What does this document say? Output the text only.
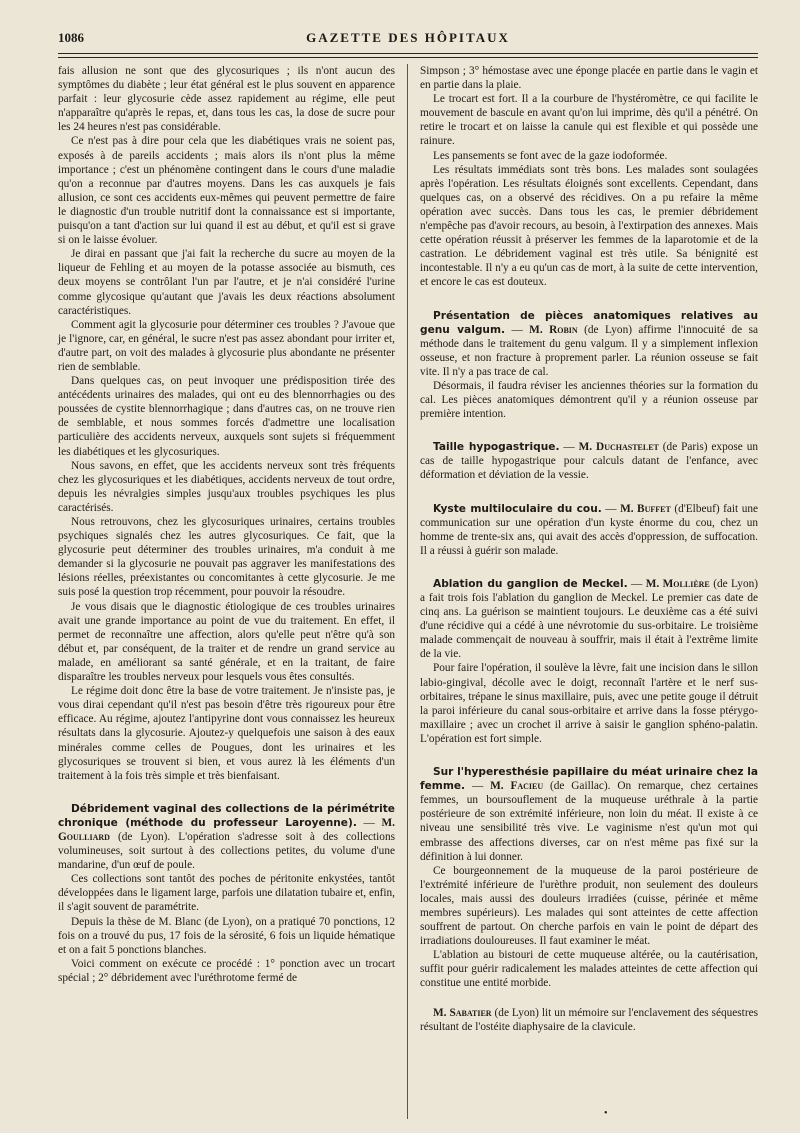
1086	GAZETTE DES HÔPITAUX

fais allusion ne sont que des glycosuriques ; ils n'ont aucun des symptômes du diabète ; leur état général est le plus souvent en apparence parfait : leur glycosurie cède assez rapidement au régime, elle peut n'apparaître qu'après le repas, et, dans tous les cas, la dose de sucre pour les 24 heures n'est pas considérable.

Ce n'est pas à dire pour cela que les diabétiques vrais ne soient pas, exposés à de pareils accidents ; mais alors ils n'ont plus la même importance ; c'est un phénomène contingent dans le cours d'une maladie qu'on a reconnue par d'autres moyens. Dans les cas auxquels je fais allusion, ce sont ces accidents eux-mêmes qui peuvent permettre de faire le diagnostic d'un trouble nutritif dont la connaissance est si importante, puisqu'on a tant d'action sur lui quand il est au début, et qu'il est si grave si on le laisse évoluer.

Je dirai en passant que j'ai fait la recherche du sucre au moyen de la liqueur de Fehling et au moyen de la potasse associée au bismuth, ces deux moyens se contrôlant l'un par l'autre, et je n'ai considéré l'urine comme glycosique qu'autant que j'avais les deux réactions absolument caractéristiques.

Comment agit la glycosurie pour déterminer ces troubles ? J'avoue que je l'ignore, car, en général, le sucre n'est pas assez abondant pour irriter et, d'autre part, on voit des malades à glycosurie plus abondante ne présenter rien de semblable.

Dans quelques cas, on peut invoquer une prédisposition tirée des antécédents urinaires des malades, qui ont eu des blennorrhagies ou des poussées de cystite blennorrhagique ; dans d'autres cas, on ne trouve rien de semblable, et nous sommes forcés d'admettre une localisation particulière des accidents nerveux, auxquels sont sujets si fréquemment les diabétiques et les glycosuriques.

Nous savons, en effet, que les accidents nerveux sont très fréquents chez les glycosuriques et les diabétiques, accidents nerveux de tout ordre, depuis les névralgies simples jusqu'aux troubles psychiques les plus caractérisés.

Nous retrouvons, chez les glycosuriques urinaires, certains troubles psychiques signalés chez les autres glycosuriques. Ce fait, que la glycosurie peut déterminer des troubles urinaires, m'a conduit à me demander si la glycosurie ne pouvait pas aggraver les manifestations des lésions réelles, préexistantes ou concomitantes à cette glycosurie. Je me suis posé la question trop récemment, pour pouvoir la résoudre.

Je vous disais que le diagnostic étiologique de ces troubles urinaires avait une grande importance au point de vue du traitement. En effet, il permet de reconnaître une affection, alors qu'elle peut n'être qu'à son début et, par conséquent, de la traiter et de rendre un grand service au malade, en améliorant sa santé générale, et en la traitant, de faire disparaître les troubles nerveux pour lesquels vous êtes consultés.

Le régime doit donc être la base de votre traitement. Je n'insiste pas, je vous dirai cependant qu'il n'est pas besoin d'être très rigoureux pour être efficace. Au régime, ajoutez l'antipyrine dont vous connaissez les heureux résultats dans la glycosurie. Ajoutez-y quelquefois une saison à des eaux minérales comme celles de Pougues, dont les urinaires et les glycosuriques se trouvent si bien, et vous aurez là les éléments d'un traitement à la fois très simple et très bienfaisant.

Débridement vaginal des collections de la périmétrite chronique (méthode du professeur Laroyenne). — M. Goulliard (de Lyon). L'opération s'adresse soit à des collections volumineuses, soit surtout à des collections petites, du volume d'une mandarine, d'un œuf de poule.

Ces collections sont tantôt des poches de péritonite enkystées, tantôt développées dans le ligament large, parfois une dilatation tubaire et, enfin, il s'agit souvent de paramétrite.

Depuis la thèse de M. Blanc (de Lyon), on a pratiqué 70 ponctions, 12 fois on a trouvé du pus, 17 fois de la sérosité, 6 fois un liquide hématique et on a fait 5 ponctions blanches.

Voici comment on exécute ce procédé : 1° ponction avec un trocart spécial ; 2° débridement avec l'uréthrotome fermé de

Simpson ; 3° hémostase avec une éponge placée en partie dans le vagin et en partie dans la plaie.

Le trocart est fort. Il a la courbure de l'hystéromètre, ce qui facilite le mouvement de bascule en avant qu'on lui imprime, dès qu'il a pénétré. On retire le trocart et on laisse la canule qui est flexible et qui possède une rainure.

Les pansements se font avec de la gaze iodoformée.

Les résultats immédiats sont très bons. Les malades sont soulagées après l'opération. Les résultats éloignés sont excellents. Cependant, dans quelques cas, on a observé des récidives. On a pu refaire la même opération avec succès. Dans tous les cas, le premier débridement n'empêche pas d'avoir recours, au besoin, à l'extirpation des annexes. Mais cette opération réussit à préserver les femmes de la laparotomie et de la castration. Le débridement vaginal est très utile. Sa bénignité est incontestable. Il n'y a eu qu'un cas de mort, à la suite de cette intervention, et encore le cas est douteux.

Présentation de pièces anatomiques relatives au genu valgum. — M. Robin (de Lyon) affirme l'innocuité de sa méthode dans le traitement du genu valgum. Il y a simplement inflexion osseuse, et non fracture à proprement parler. La réunion osseuse se fait vite. Il n'y a pas trace de cal.

Désormais, il faudra réviser les anciennes théories sur la formation du cal. Les pièces anatomiques démontrent qu'il y a réunion osseuse par première intention.

Taille hypogastrique. — M. Duchastelet (de Paris) expose un cas de taille hypogastrique pour calculs datant de l'enfance, avec déformation et déviation de la vessie.

Kyste multiloculaire du cou. — M. Buffet (d'Elbeuf) fait une communication sur une opération d'un kyste énorme du cou, chez un homme de trente-six ans, qui avait des accès d'oppression, de suffocation. Il a réussi à guérir son malade.

Ablation du ganglion de Meckel. — M. Mollière (de Lyon) a fait trois fois l'ablation du ganglion de Meckel. Le premier cas date de cinq ans. La guérison se maintient toujours. Le deuxième cas a été suivi d'une récidive qui a cédé à une névrotomie du sus-orbitaire. Le troisième malade commençait de nouveau à souffrir, mais il était à l'extrême limite de la vie.

Pour faire l'opération, il soulève la lèvre, fait une incision dans le sillon labio-gingival, décolle avec le doigt, reconnaît l'artère et le nerf sus-orbitaires, trépane le sinus maxillaire, puis, avec une petite gouge il détruit la paroi inférieure du canal sous-orbitaire et arrive dans la fosse ptérygo-maxillaire ; avec un crochet il arrive à saisir le ganglion sphéno-palatin. L'opération est fort simple.

Sur l'hyperesthésie papillaire du méat urinaire chez la femme. — M. Facieu (de Gaillac). On remarque, chez certaines femmes, un boursouflement de la muqueuse uréthrale à la partie postérieure de son extrémité inférieure, non loin du méat. Il existe à ce niveau une sensibilité très vive. Le vaginisme n'est qu'un mot qui embrasse des affections diverses, car on n'est même pas fixé sur la définition à lui donner.

Ce bourgeonnement de la muqueuse de la paroi postérieure de l'extrémité inférieure de l'urèthre produit, non seulement des douleurs locales, mais aussi des douleurs irradiées (cuisse, périnée et même membres supérieurs). Les malades qui sont atteintes de cette affection souffrent de partout. On cherche parfois en vain le point de départ des irradiations douloureuses. Il faut examiner le méat.

L'ablation au bistouri de cette muqueuse altérée, ou la cautérisation, suffit pour guérir radicalement les malades atteintes de cette affection qui constitue une entité morbide.

M. Sabatier (de Lyon) lit un mémoire sur l'enclavement des séquestres résultant de l'ostéite diaphysaire de la clavicule.

•
